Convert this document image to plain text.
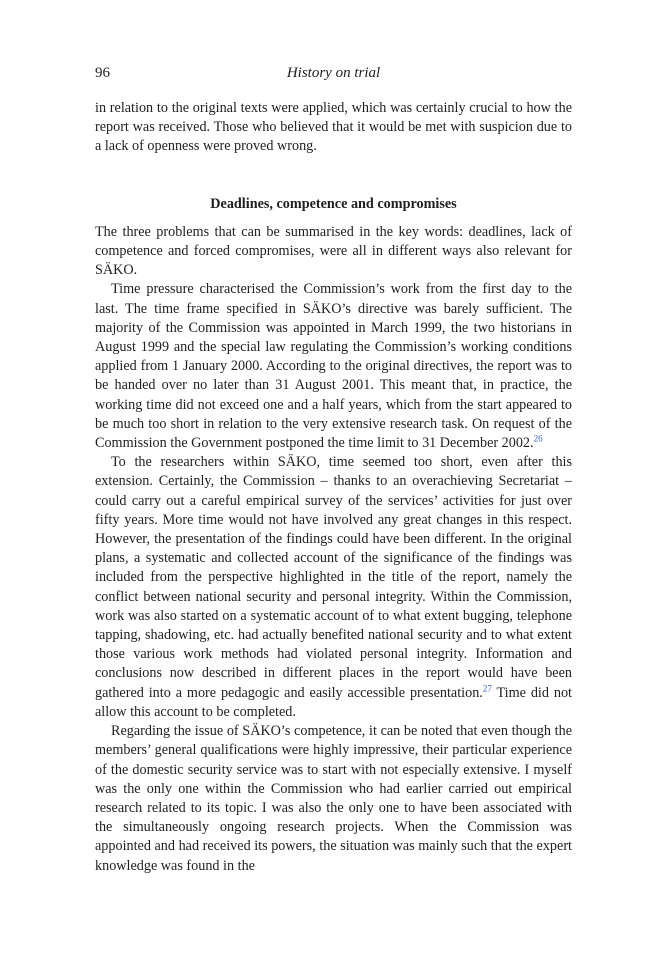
96	History on trial

in relation to the original texts were applied, which was certainly crucial to how the report was received. Those who believed that it would be met with suspicion due to a lack of openness were proved wrong.

Deadlines, competence and compromises

The three problems that can be summarised in the key words: deadlines, lack of competence and forced compromises, were all in different ways also relevant for SÄKO.

Time pressure characterised the Commission’s work from the first day to the last. The time frame specified in SÄKO’s directive was barely sufficient. The majority of the Commission was appointed in March 1999, the two historians in August 1999 and the special law regulating the Commission’s working conditions applied from 1 January 2000. According to the original directives, the report was to be handed over no later than 31 August 2001. This meant that, in practice, the working time did not exceed one and a half years, which from the start appeared to be much too short in relation to the very extensive research task. On request of the Commission the Government postponed the time limit to 31 December 2002.26

To the researchers within SÄKO, time seemed too short, even after this extension. Certainly, the Commission – thanks to an overachieving Secretariat – could carry out a careful empirical survey of the services’ activities for just over fifty years. More time would not have involved any great changes in this respect. However, the presentation of the findings could have been different. In the original plans, a systematic and collected account of the significance of the findings was included from the perspective highlighted in the title of the report, namely the conflict between national security and personal integrity. Within the Commission, work was also started on a systematic account of to what extent bugging, telephone tapping, shadowing, etc. had actually benefited national security and to what extent those various work methods had violated personal integrity. Information and conclusions now described in different places in the report would have been gathered into a more pedagogic and easily accessible presentation.$^{27}$ Time did not allow this account to be completed.

Regarding the issue of SÄKO’s competence, it can be noted that even though the members’ general qualifications were highly impressive, their particular experience of the domestic security service was to start with not especially extensive. I myself was the only one within the Commission who had earlier carried out empirical research related to its topic. I was also the only one to have been associated with the simultaneously ongoing research projects. When the Commission was appointed and had received its powers, the situation was mainly such that the expert knowledge was found in the
